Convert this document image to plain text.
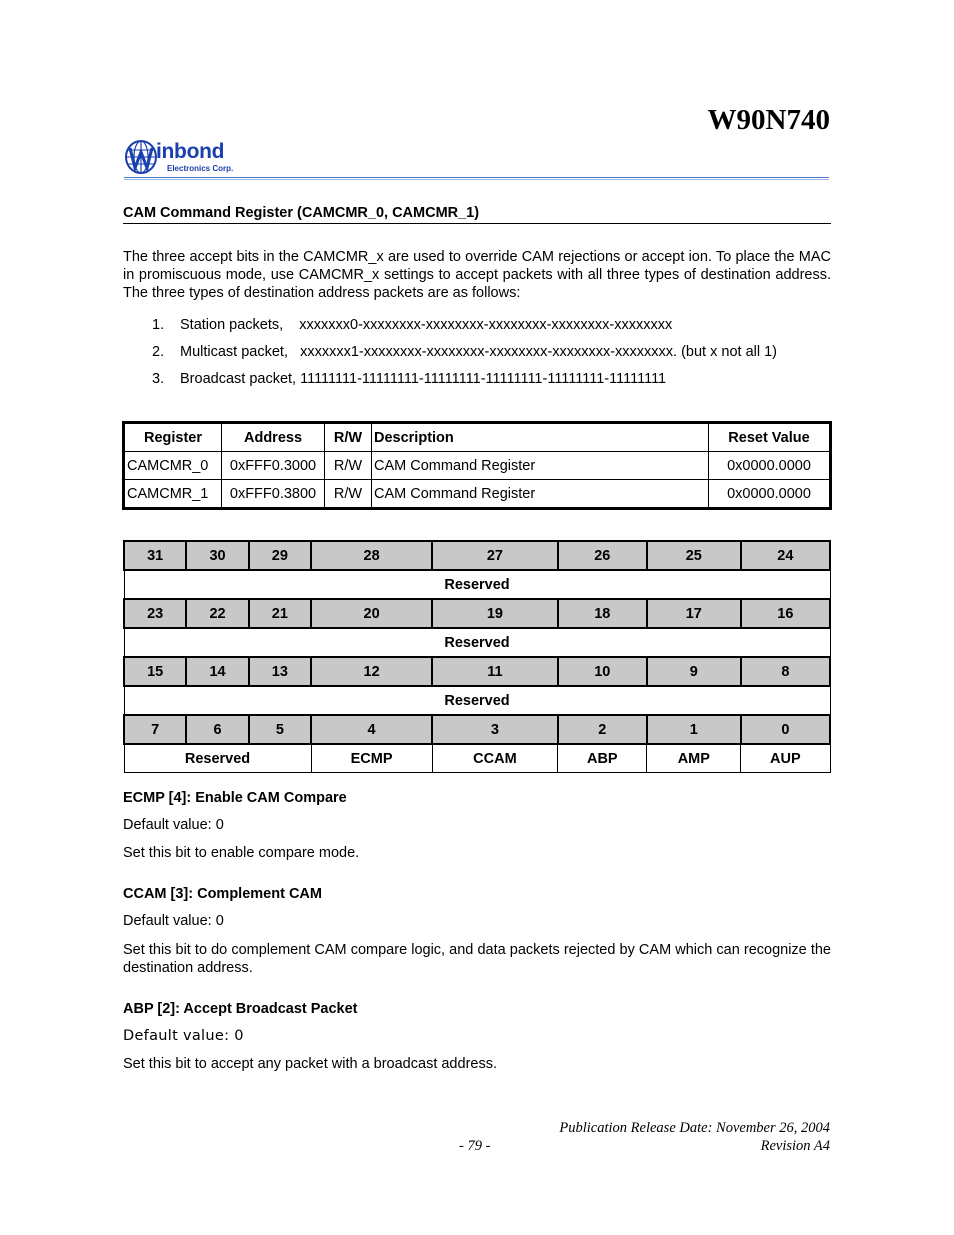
W90N740
inbond
Electronics Corp.
CAM Command Register (CAMCMR_0, CAMCMR_1)
The three accept bits in the CAMCMR_x are used to override CAM rejections or accept ion. To place the MAC in promiscuous mode, use CAMCMR_x settings to accept packets with all three types of destination address. The three types of destination address packets are as follows:
1. Station packets,    xxxxxxx0-xxxxxxxx-xxxxxxxx-xxxxxxxx-xxxxxxxx-xxxxxxxx
2. Multicast packet,   xxxxxxx1-xxxxxxxx-xxxxxxxx-xxxxxxxx-xxxxxxxx-xxxxxxxx. (but x not all 1)
3. Broadcast packet, 11111111-11111111-11111111-11111111-11111111-11111111
Register	Address	R/W	Description	Reset Value
CAMCMR_0	0xFFF0.3000	R/W	CAM Command Register	0x0000.0000
CAMCMR_1	0xFFF0.3800	R/W	CAM Command Register	0x0000.0000
31	30	29	28	27	26	25	24
Reserved							
23	22	21	20	19	18	17	16
Reserved							
15	14	13	12	11	10	9	8
Reserved							
7	6	5	4	3	2	1	0
Reserved			ECMP	CCAM	ABP	AMP	AUP
ECMP [4]: Enable CAM Compare
Default value: 0
Set this bit to enable compare mode.
CCAM [3]: Complement CAM
Default value: 0
Set this bit to do complement CAM compare logic, and data packets rejected by CAM which can recognize the destination address.
ABP [2]: Accept Broadcast Packet
Default value: 0
Set this bit to accept any packet with a broadcast address.
Publication Release Date: November 26, 2004
- 79 -	Revision A4
